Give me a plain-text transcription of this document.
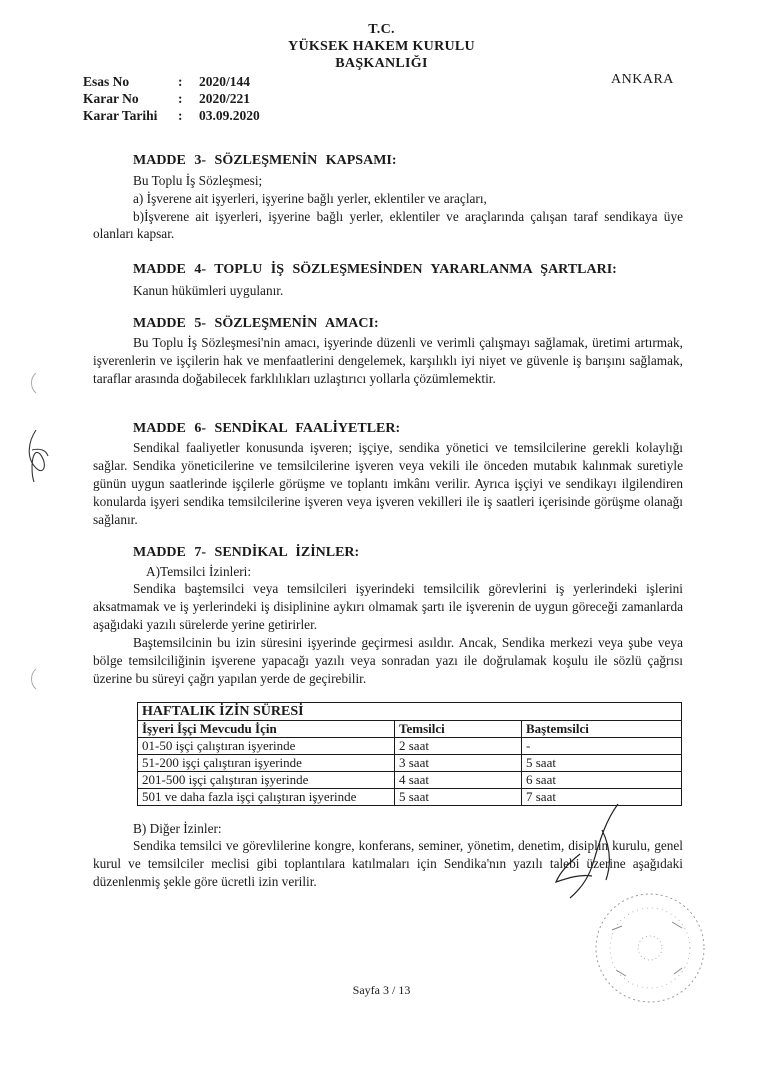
T.C.
YÜKSEK HAKEM KURULU
BAŞKANLIĞI
Esas No	: 2020/144
Karar No	: 2020/221
Karar Tarihi : 03.09.2020
ANKARA
MADDE 3- SÖZLEŞMENİN KAPSAMI:
Bu Toplu İş Sözleşmesi;
a) İşverene ait işyerleri, işyerine bağlı yerler, eklentiler ve araçları,
b)İşverene ait işyerleri, işyerine bağlı yerler, eklentiler ve araçlarında çalışan taraf sendikaya üye olanları kapsar.
MADDE 4- TOPLU İŞ SÖZLEŞMESİNDEN YARARLANMA ŞARTLARI:
Kanun hükümleri uygulanır.
MADDE 5- SÖZLEŞMENİN AMACI:
Bu Toplu İş Sözleşmesi'nin amacı, işyerinde düzenli ve verimli çalışmayı sağlamak, üretimi artırmak, işverenlerin ve işçilerin hak ve menfaatlerini dengelemek, karşılıklı iyi niyet ve güvenle iş barışını sağlamak, taraflar arasında doğabilecek farklılıkları uzlaştırıcı yollarla çözümlemektir.
MADDE 6- SENDİKAL FAALİYETLER:
Sendikal faaliyetler konusunda işveren; işçiye, sendika yönetici ve temsilcilerine gerekli kolaylığı sağlar. Sendika yöneticilerine ve temsilcilerine işveren veya vekili ile önceden mutabık kalınmak suretiyle günün uygun saatlerinde işçilerle görüşme ve toplantı imkânı verilir. Ayrıca işçiyi ve sendikayı ilgilendiren konularda işyeri sendika temsilcilerine işveren veya işveren vekilleri ile iş saatleri içerisinde görüşme olanağı sağlanır.
MADDE 7- SENDİKAL İZİNLER:
A)Temsilci İzinleri:
Sendika baştemsilci veya temsilcileri işyerindeki temsilcilik görevlerini iş yerlerindeki işlerini aksatmamak ve iş yerlerindeki iş disiplinine aykırı olmamak şartı ile işverenin de uygun göreceği zamanlarda aşağıdaki yazılı sürelerde yerine getirirler.
Baştemsilcinin bu izin süresini işyerinde geçirmesi asıldır. Ancak, Sendika merkezi veya şube veya bölge temsilciliğinin işverene yapacağı yazılı veya sonradan yazı ile doğrulamak koşulu ile sözlü çağrısı üzerine bu süreyi çağrı yapılan yerde de geçirebilir.
HAFTALIK İZİN SÜRESİ		
İşyeri İşçi Mevcudu İçin	Temsilci	Baştemsilci
01-50 işçi çalıştıran işyerinde	2 saat	-
51-200 işçi çalıştıran işyerinde	3 saat	5 saat
201-500 işçi çalıştıran işyerinde	4 saat	6 saat
501 ve daha fazla işçi çalıştıran işyerinde	5 saat	7 saat
B) Diğer İzinler:
Sendika temsilci ve görevlilerine kongre, konferans, seminer, yönetim, denetim, disiplin kurulu, genel kurul ve temsilciler meclisi gibi toplantılara katılmaları için Sendika'nın yazılı talebi üzerine aşağıdaki düzenlenmiş şekle göre ücretli izin verilir.
Sayfa 3 / 13
